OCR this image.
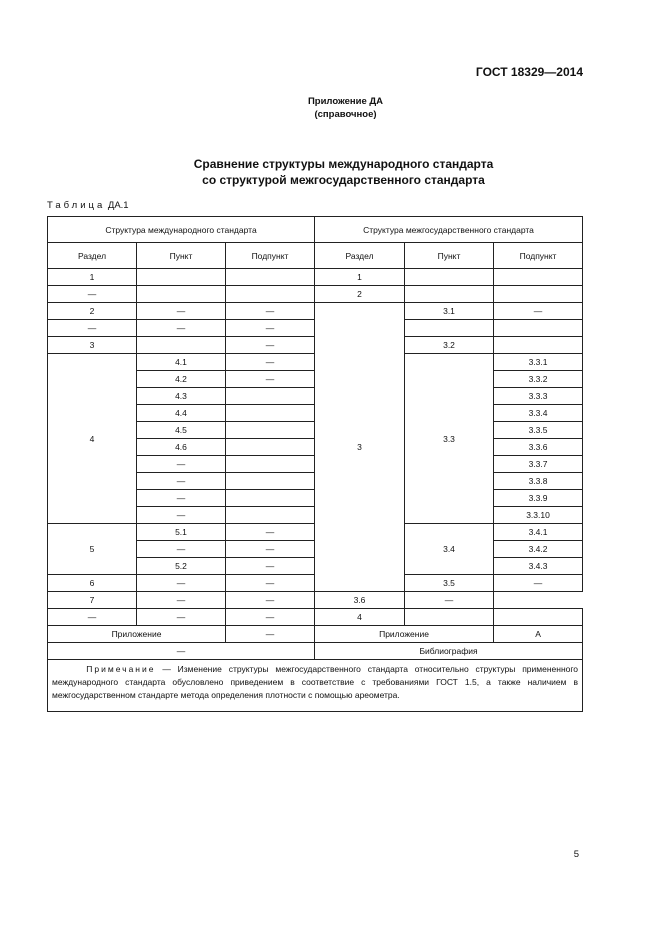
ГОСТ 18329—2014
Приложение ДА
(справочное)
Сравнение структуры международного стандарта
со структурой межгосударственного стандарта
Таблица ДА.1
Структура международного стандарта			Структура межгосударственного стандарта		
Раздел	Пункт	Подпункт	Раздел	Пункт	Подпункт
1			1		
—			2		
2	—	—	3	3.1	—
—	—	—			
3		—		3.2	
4	4.1	—		3.3	3.3.1
	4.2	—			3.3.2
	4.3				3.3.3
	4.4				3.3.4
	4.5				3.3.5
	4.6				3.3.6
	—				3.3.7
	—				3.3.8
	—				3.3.9
	—				3.3.10
5	5.1	—		3.4	3.4.1
	—	—			3.4.2
	5.2	—			3.4.3
6	—	—		3.5	—
7	—	—	3.6	—	
—	—	—	4		
Приложение		—	Приложение		А
—			Библиография		
Примечание — Изменение структуры межгосударственного стандарта относительно структуры примененного международного стандарта обусловлено приведением в соответствие с требованиями ГОСТ 1.5, а также наличием в межгосударственном стандарте метода определения плотности с помощью ареометра.					
5
